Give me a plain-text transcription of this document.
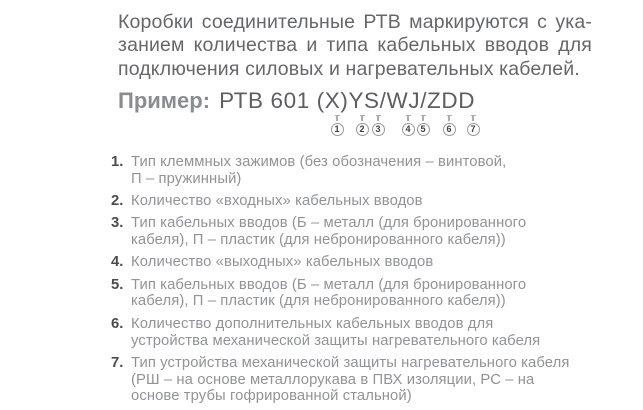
Коробки соединительные РТВ маркируются с ука-
занием количества и типа кабельных вводов для
подключения силовых и нагревательных кабелей.
Пример: РТВ 601 (Х)YS/WJ/ZDD
1	2	3	4	5	6	7
1. Тип клеммных зажимов (без обозначения – винтовой,
П – пружинный)
2. Количество «входных» кабельных вводов
3. Тип кабельных вводов (Б – металл (для бронированного
кабеля), П – пластик (для небронированного кабеля))
4. Количество «выходных» кабельных вводов
5. Тип кабельных вводов (Б – металл (для бронированного
кабеля), П – пластик (для небронированного кабеля))
6. Количество дополнительных кабельных вводов для
устройства механической защиты нагревательного кабеля
7. Тип устройства механической защиты нагревательного кабеля
(РШ – на основе металлорукава в ПВХ изоляции, РС – на
основе трубы гофрированной стальной)
